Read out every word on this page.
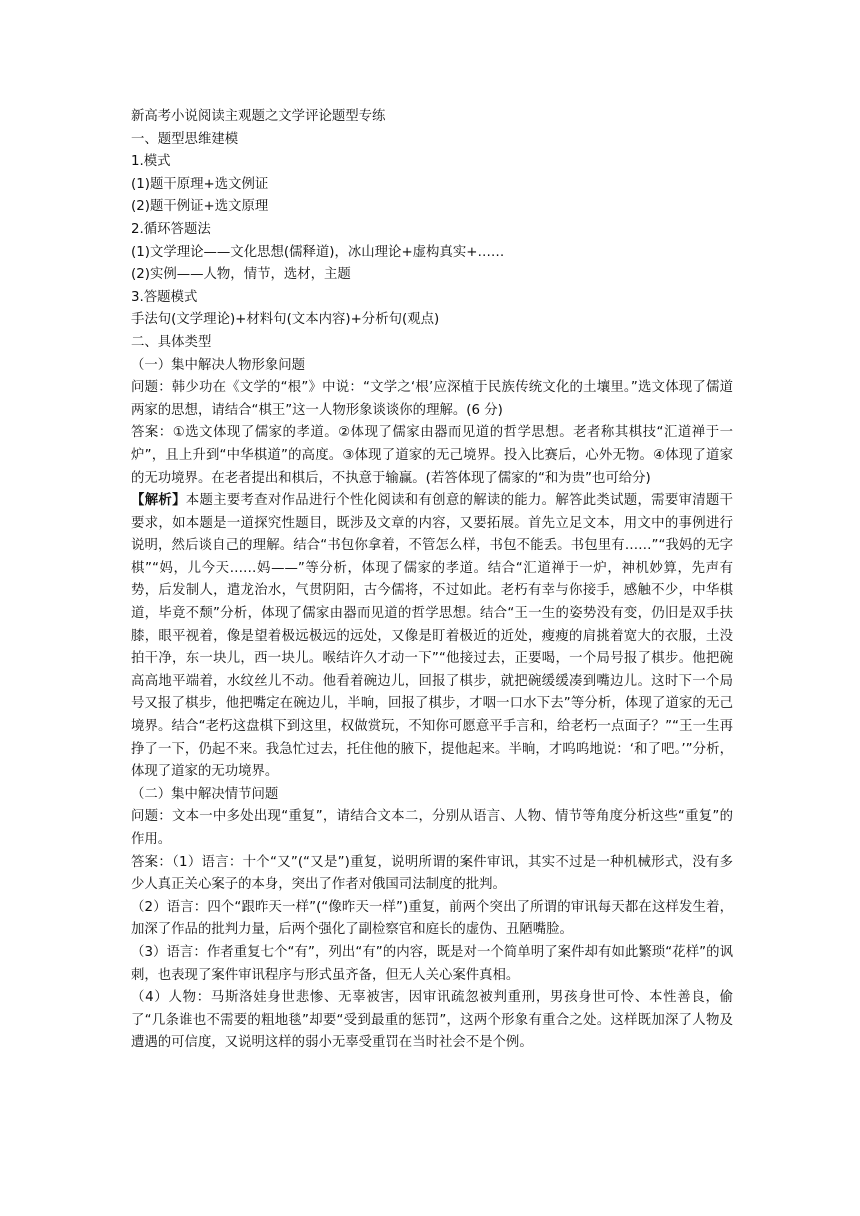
新高考小说阅读主观题之文学评论题型专练

一、题型思维建模

1.模式

(1)题干原理+选文例证

(2)题干例证+选文原理

2.循环答题法

(1)文学理论——文化思想(儒释道)，冰山理论+虚构真实+……

(2)实例——人物，情节，选材，主题

3.答题模式

手法句(文学理论)+材料句(文本内容)+分析句(观点)

二、具体类型

（一）集中解决人物形象问题

问题：韩少功在《文学的“根”》中说：“文学之‘根’应深植于民族传统文化的土壤里。”选文体现了儒道两家的思想，请结合“棋王”这一人物形象谈谈你的理解。(6 分)

答案：①选文体现了儒家的孝道。②体现了儒家由器而见道的哲学思想。老者称其棋技“汇道禅于一炉”，且上升到“中华棋道”的高度。③体现了道家的无己境界。投入比赛后，心外无物。④体现了道家的无功境界。在老者提出和棋后，不执意于输赢。(若答体现了儒家的“和为贵”也可给分)

【解析】本题主要考查对作品进行个性化阅读和有创意的解读的能力。解答此类试题，需要审清题干要求，如本题是一道探究性题目，既涉及文章的内容，又要拓展。首先立足文本，用文中的事例进行说明，然后谈自己的理解。结合“书包你拿着，不管怎么样，书包不能丢。书包里有……”“我妈的无字棋”“妈，儿今天……妈——”等分析，体现了儒家的孝道。结合“汇道禅于一炉，神机妙算，先声有势，后发制人，遣龙治水，气贯阴阳，古今儒将，不过如此。老朽有幸与你接手，感触不少，中华棋道，毕竟不颓”分析，体现了儒家由器而见道的哲学思想。结合“王一生的姿势没有变，仍旧是双手扶膝，眼平视着，像是望着极远极远的远处，又像是盯着极近的近处，瘦瘦的肩挑着宽大的衣服，土没拍干净，东一块儿，西一块儿。喉结许久才动一下”“他接过去，正要喝，一个局号报了棋步。他把碗高高地平端着，水纹丝儿不动。他看着碗边儿，回报了棋步，就把碗缓缓凑到嘴边儿。这时下一个局号又报了棋步，他把嘴定在碗边儿，半晌，回报了棋步，才咽一口水下去”等分析，体现了道家的无己境界。结合“老朽这盘棋下到这里，权做赏玩，不知你可愿意平手言和，给老朽一点面子？”“王一生再挣了一下，仍起不来。我急忙过去，托住他的腋下，提他起来。半晌，才呜呜地说：‘和了吧。’”分析，体现了道家的无功境界。

（二）集中解决情节问题

问题：文本一中多处出现“重复”，请结合文本二，分别从语言、人物、情节等角度分析这些“重复”的作用。

答案：（1）语言：十个“又”(“又是”)重复，说明所谓的案件审讯，其实不过是一种机械形式，没有多少人真正关心案子的本身，突出了作者对俄国司法制度的批判。

（2）语言：四个“跟昨天一样”(“像昨天一样”)重复，前两个突出了所谓的审讯每天都在这样发生着，加深了作品的批判力量，后两个强化了副检察官和庭长的虚伪、丑陋嘴脸。

（3）语言：作者重复七个“有”，列出“有”的内容，既是对一个简单明了案件却有如此繁琐“花样”的讽刺，也表现了案件审讯程序与形式虽齐备，但无人关心案件真相。

（4）人物：马斯洛娃身世悲惨、无辜被害，因审讯疏忽被判重刑，男孩身世可怜、本性善良，偷了“几条谁也不需要的粗地毯”却要“受到最重的惩罚”，这两个形象有重合之处。这样既加深了人物及遭遇的可信度，又说明这样的弱小无辜受重罚在当时社会不是个例。
